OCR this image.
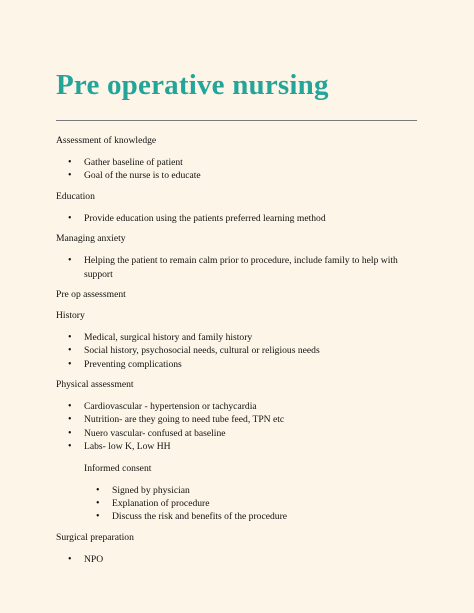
Pre operative nursing

Assessment of knowledge

• Gather baseline of patient
• Goal of the nurse is to educate

Education

• Provide education using the patients preferred learning method

Managing anxiety

• Helping the patient to remain calm prior to procedure, include family to help with support

Pre op assessment

History

• Medical, surgical history and family history
• Social history, psychosocial needs, cultural or religious needs
• Preventing complications

Physical assessment

• Cardiovascular - hypertension or tachycardia
• Nutrition- are they going to need tube feed, TPN etc
• Nuero vascular- confused at baseline
• Labs- low K, Low HH

Informed consent

• Signed by physician
• Explanation of procedure
• Discuss the risk and benefits of the procedure

Surgical preparation

• NPO
